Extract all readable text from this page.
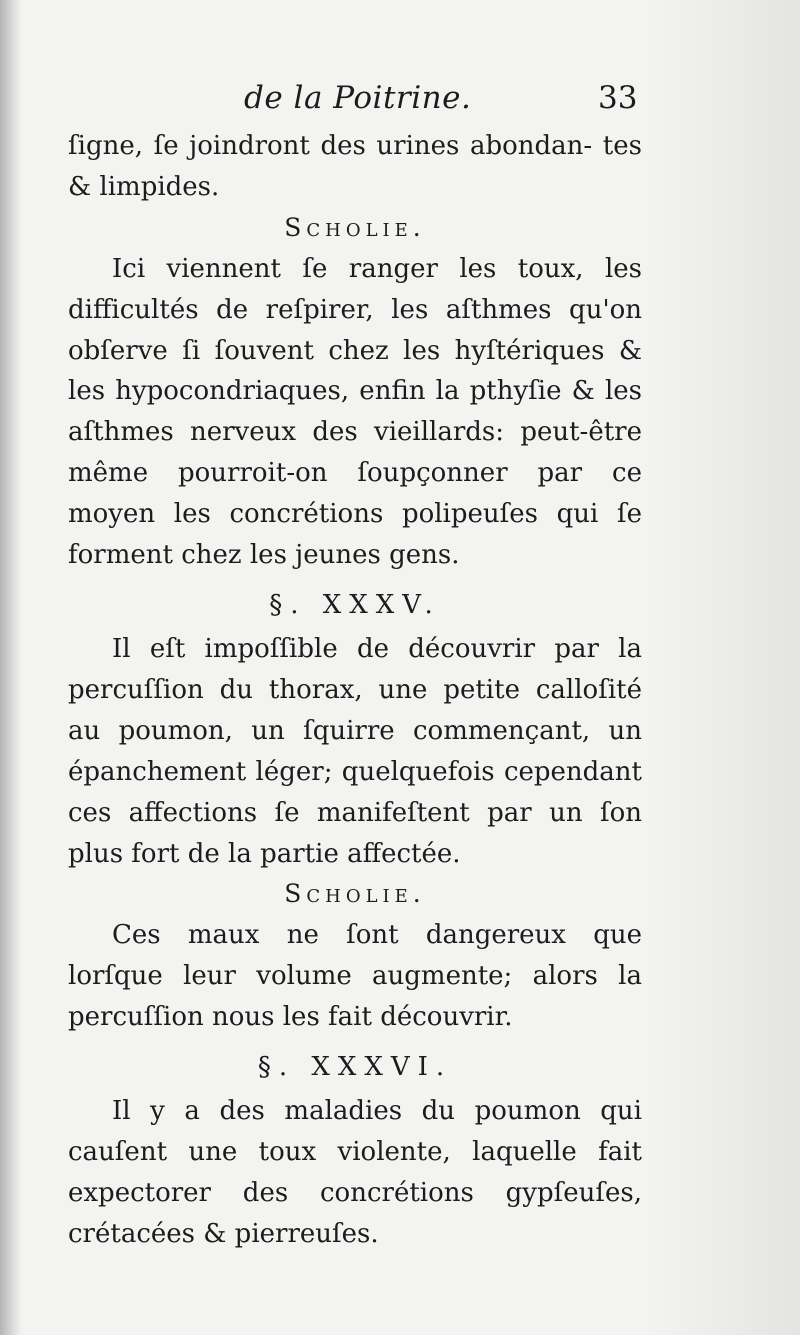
de la Poitrine.	33

ſigne, ſe joindront des urines abondan- tes & limpides.

Scholie.

Ici viennent ſe ranger les toux, les difficultés de reſpirer, les aſthmes qu'on obſerve ſi ſouvent chez les hyſtériques & les hypocondriaques, enfin la pthyſie & les aſthmes nerveux des vieillards: peut-être même pourroit-on ſoupçonner par ce moyen les concrétions polipeuſes qui ſe forment chez les jeunes gens.

§. XXXV.

Il eſt impoſſible de découvrir par la percuſſion du thorax, une petite calloſité au poumon, un ſquirre commençant, un épanchement léger; quelquefois cependant ces affections ſe manifeſtent par un ſon plus fort de la partie affectée.

Scholie.

Ces maux ne ſont dangereux que lorſque leur volume augmente; alors la percuſſion nous les fait découvrir.

§. XXXVI.

Il y a des maladies du poumon qui cauſent une toux violente, laquelle fait expectorer des concrétions gypſeuſes, crétacées & pierreuſes.
